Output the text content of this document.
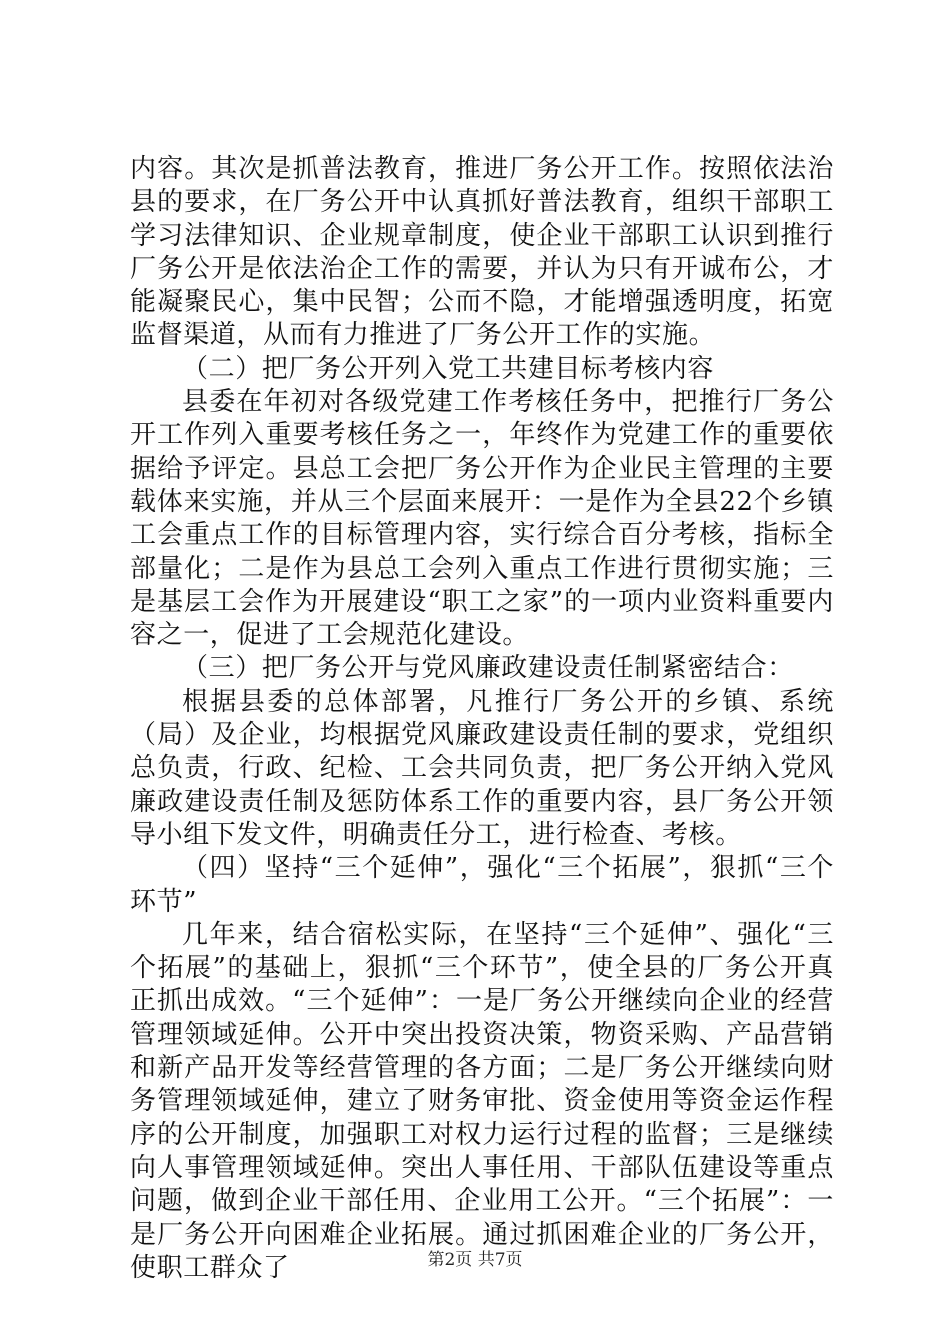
内容。其次是抓普法教育，推进厂务公开工作。按照依法治县的要求，在厂务公开中认真抓好普法教育，组织干部职工学习法律知识、企业规章制度，使企业干部职工认识到推行厂务公开是依法治企工作的需要，并认为只有开诚布公，才能凝聚民心，集中民智；公而不隐，才能增强透明度，拓宽监督渠道，从而有力推进了厂务公开工作的实施。

（二）把厂务公开列入党工共建目标考核内容

县委在年初对各级党建工作考核任务中，把推行厂务公开工作列入重要考核任务之一，年终作为党建工作的重要依据给予评定。县总工会把厂务公开作为企业民主管理的主要载体来实施，并从三个层面来展开：一是作为全县22个乡镇工会重点工作的目标管理内容，实行综合百分考核，指标全部量化；二是作为县总工会列入重点工作进行贯彻实施；三是基层工会作为开展建设“职工之家”的一项内业资料重要内容之一，促进了工会规范化建设。

（三）把厂务公开与党风廉政建设责任制紧密结合：

根据县委的总体部署，凡推行厂务公开的乡镇、系统（局）及企业，均根据党风廉政建设责任制的要求，党组织总负责，行政、纪检、工会共同负责，把厂务公开纳入党风廉政建设责任制及惩防体系工作的重要内容，县厂务公开领导小组下发文件，明确责任分工，进行检查、考核。

（四）坚持“三个延伸”，强化“三个拓展”，狠抓“三个环节”

几年来，结合宿松实际，在坚持“三个延伸”、强化“三个拓展”的基础上，狠抓“三个环节”，使全县的厂务公开真正抓出成效。“三个延伸”：一是厂务公开继续向企业的经营管理领域延伸。公开中突出投资决策，物资采购、产品营销和新产品开发等经营管理的各方面；二是厂务公开继续向财务管理领域延伸，建立了财务审批、资金使用等资金运作程序的公开制度，加强职工对权力运行过程的监督；三是继续向人事管理领域延伸。突出人事任用、干部队伍建设等重点问题，做到企业干部任用、企业用工公开。“三个拓展”：一是厂务公开向困难企业拓展。通过抓困难企业的厂务公开，使职工群众了	第2页 共7页
